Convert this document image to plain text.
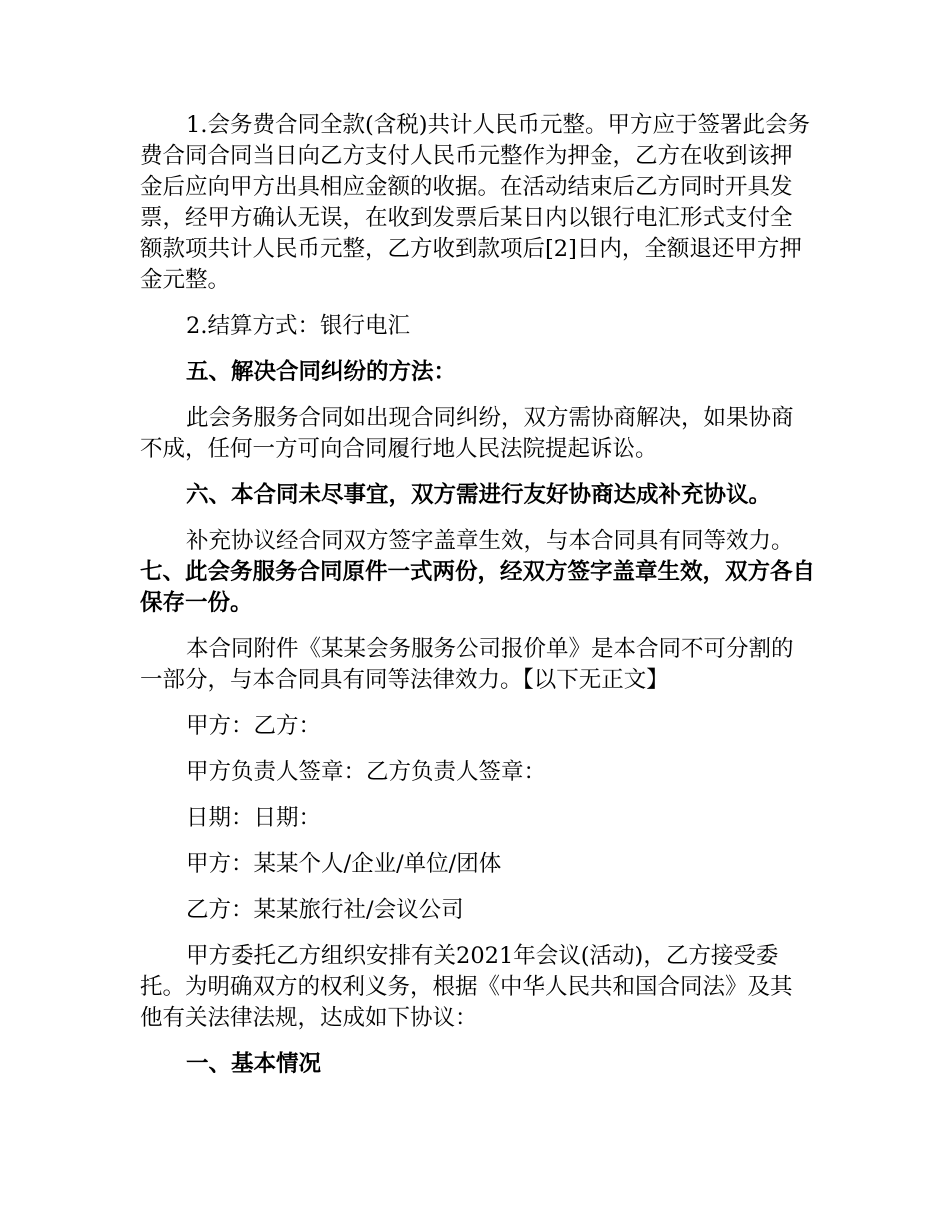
1.会务费合同全款(含税)共计人民币元整。甲方应于签署此会务费合同合同当日向乙方支付人民币元整作为押金，乙方在收到该押金后应向甲方出具相应金额的收据。在活动结束后乙方同时开具发票，经甲方确认无误，在收到发票后某日内以银行电汇形式支付全额款项共计人民币元整，乙方收到款项后[2]日内，全额退还甲方押金元整。

2.结算方式：银行电汇

五、解决合同纠纷的方法：

此会务服务合同如出现合同纠纷，双方需协商解决，如果协商不成，任何一方可向合同履行地人民法院提起诉讼。

六、本合同未尽事宜，双方需进行友好协商达成补充协议。

补充协议经合同双方签字盖章生效，与本合同具有同等效力。七、此会务服务合同原件一式两份，经双方签字盖章生效，双方各自保存一份。

本合同附件《某某会务服务公司报价单》是本合同不可分割的一部分，与本合同具有同等法律效力。【以下无正文】

甲方：乙方：

甲方负责人签章：乙方负责人签章：

日期：日期：

甲方：某某个人/企业/单位/团体

乙方：某某旅行社/会议公司

甲方委托乙方组织安排有关2021年会议(活动)，乙方接受委托。为明确双方的权利义务，根据《中华人民共和国合同法》及其他有关法律法规，达成如下协议：

一、基本情况
